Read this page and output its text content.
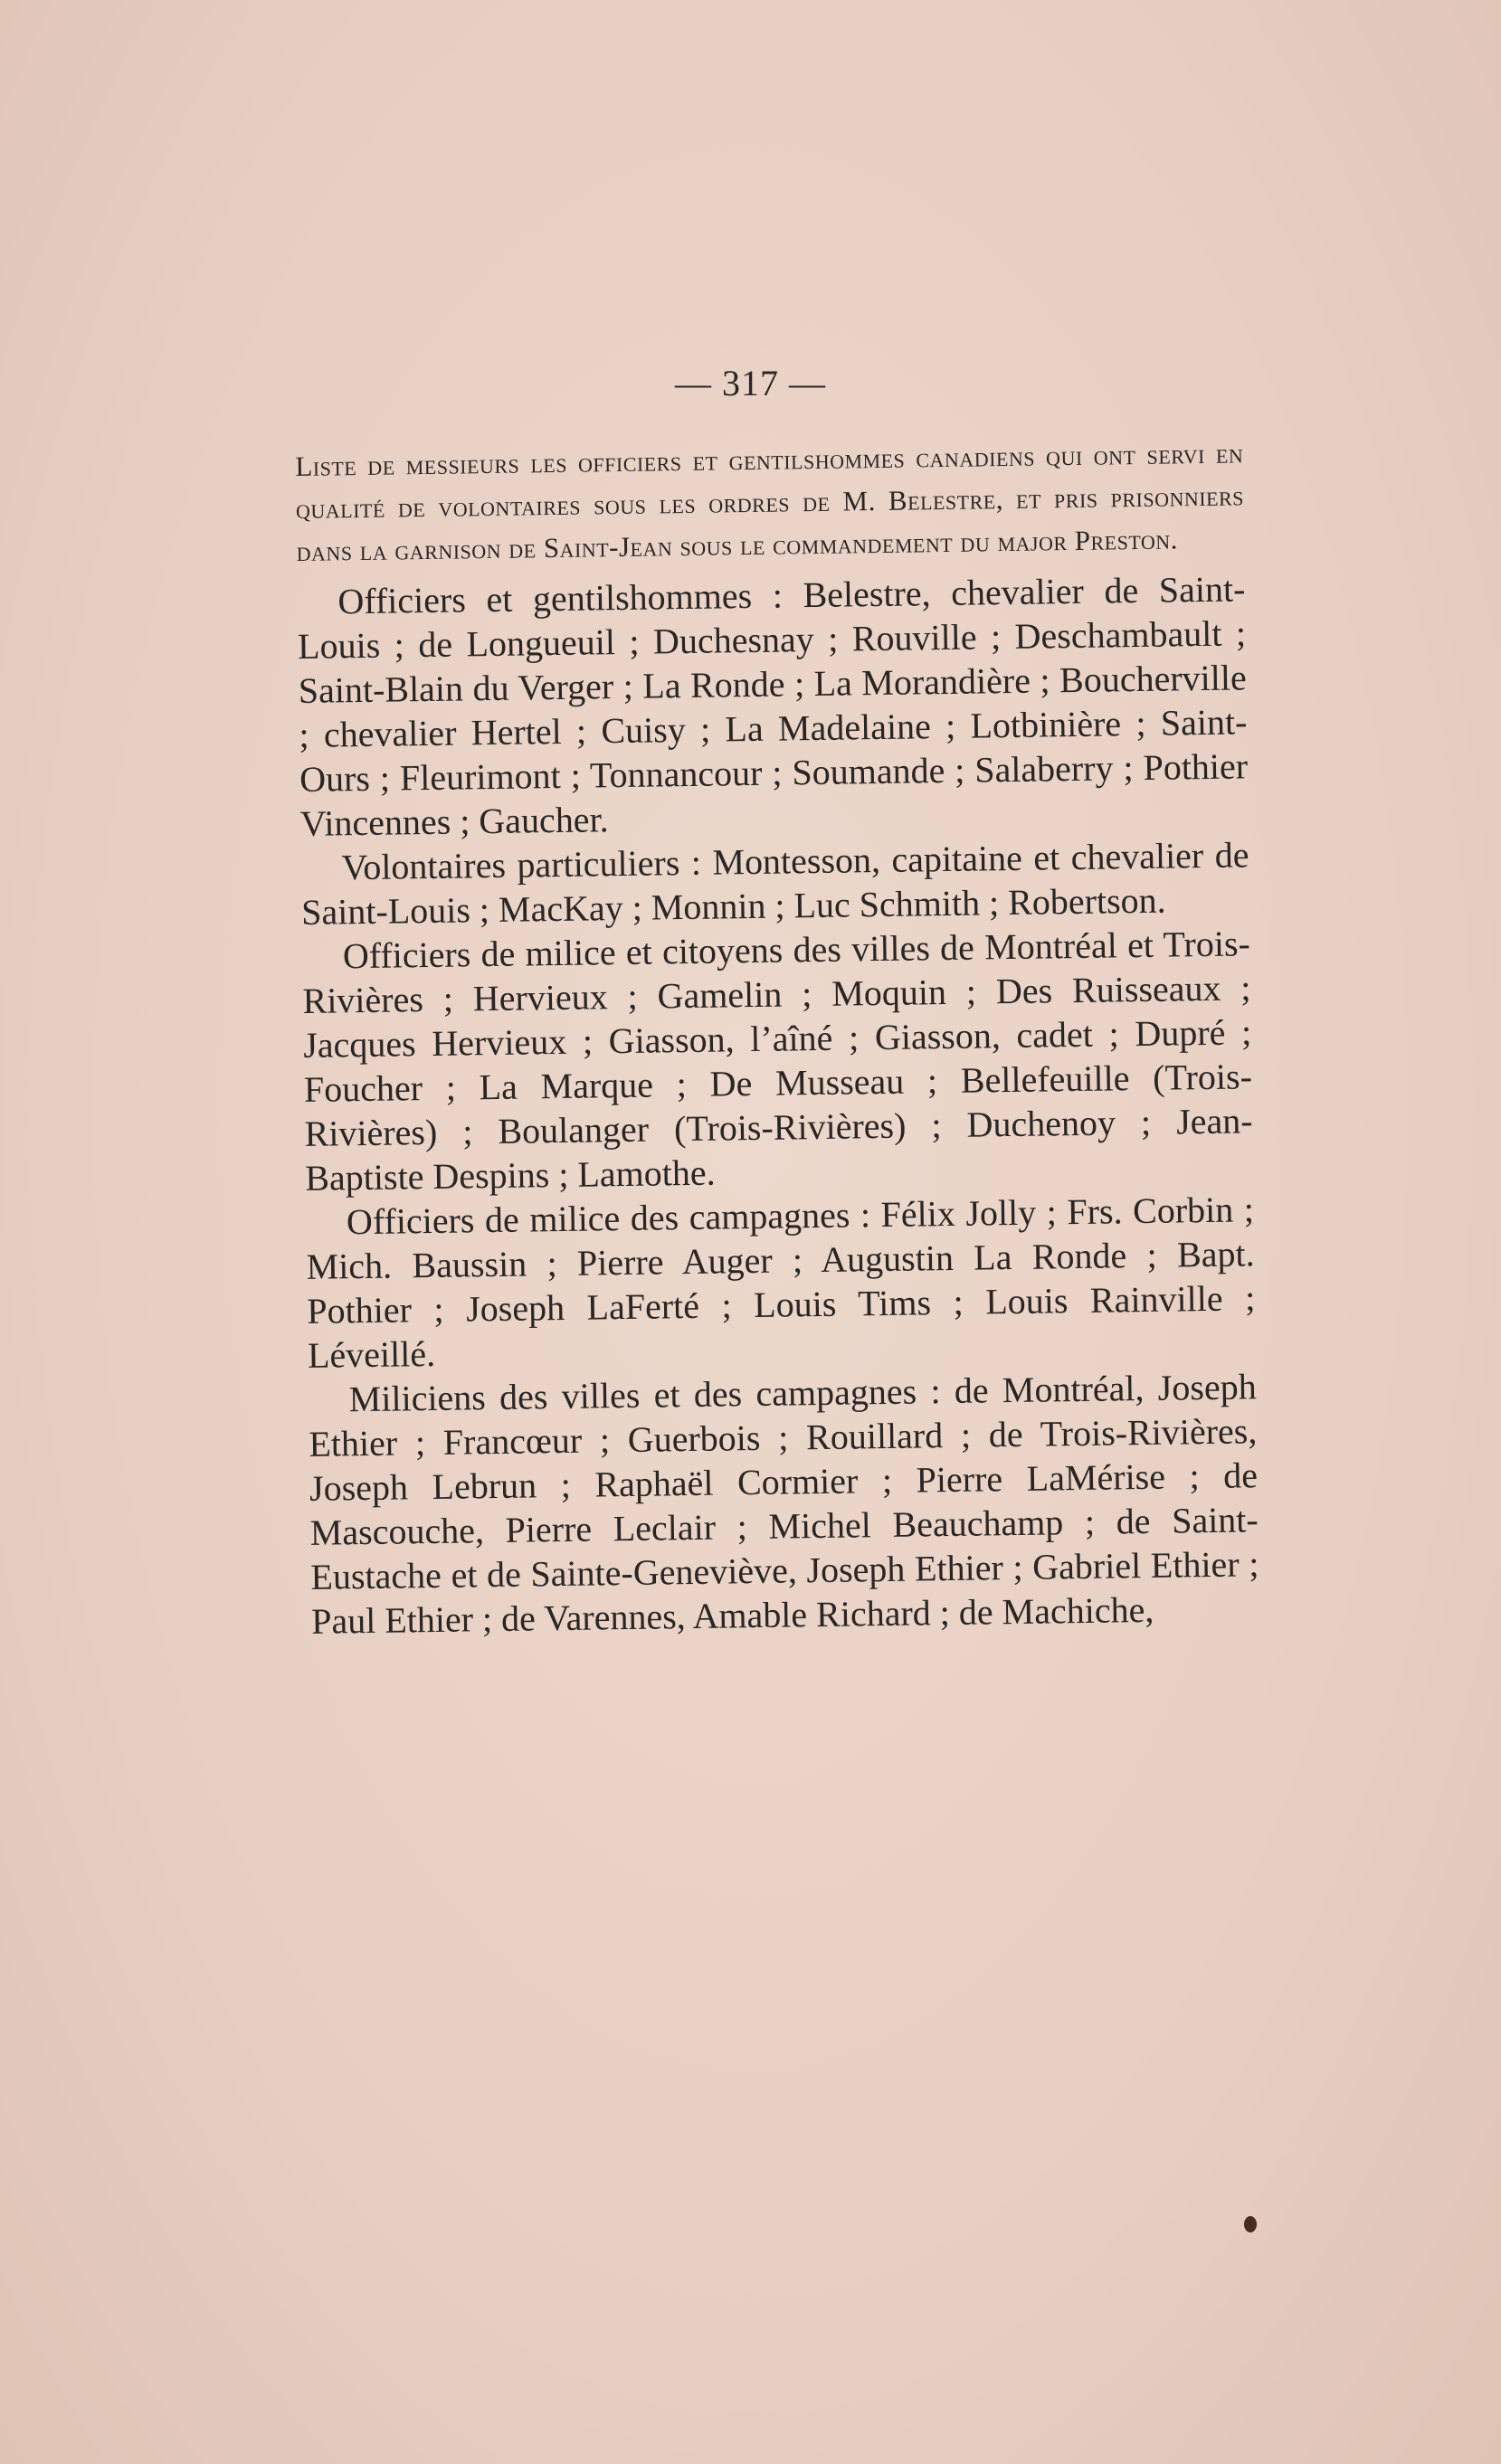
— 317 —

Liste de messieurs les officiers et gentilshommes canadiens qui ont servi en qualité de volontaires sous les ordres de M. Belestre, et pris prisonniers dans la garnison de Saint-Jean sous le commandement du major Preston.

Officiers et gentilshommes : Belestre, chevalier de Saint-Louis ; de Longueuil ; Duchesnay ; Rouville ; Deschambault ; Saint-Blain du Verger ; La Ronde ; La Morandière ; Boucherville ; chevalier Hertel ; Cuisy ; La Madelaine ; Lotbinière ; Saint-Ours ; Fleurimont ; Tonnancour ; Soumande ; Salaberry ; Pothier Vincennes ; Gaucher.

Volontaires particuliers : Montesson, capitaine et chevalier de Saint-Louis ; MacKay ; Monnin ; Luc Schmith ; Robertson.

Officiers de milice et citoyens des villes de Montréal et Trois-Rivières ; Hervieux ; Gamelin ; Moquin ; Des Ruisseaux ; Jacques Hervieux ; Giasson, l’aîné ; Giasson, cadet ; Dupré ; Foucher ; La Marque ; De Musseau ; Bellefeuille (Trois-Rivières) ; Boulanger (Trois-Rivières) ; Duchenoy ; Jean-Baptiste Despins ; Lamothe.

Officiers de milice des campagnes : Félix Jolly ; Frs. Corbin ; Mich. Baussin ; Pierre Auger ; Augustin La Ronde ; Bapt. Pothier ; Joseph LaFerté ; Louis Tims ; Louis Rainville ; Léveillé.

Miliciens des villes et des campagnes : de Montréal, Joseph Ethier ; Francœur ; Guerbois ; Rouillard ; de Trois-Rivières, Joseph Lebrun ; Raphaël Cormier ; Pierre LaMérise ; de Mascouche, Pierre Leclair ; Michel Beauchamp ; de Saint-Eustache et de Sainte-Geneviève, Joseph Ethier ; Gabriel Ethier ; Paul Ethier ; de Varennes, Amable Richard ; de Machiche,
